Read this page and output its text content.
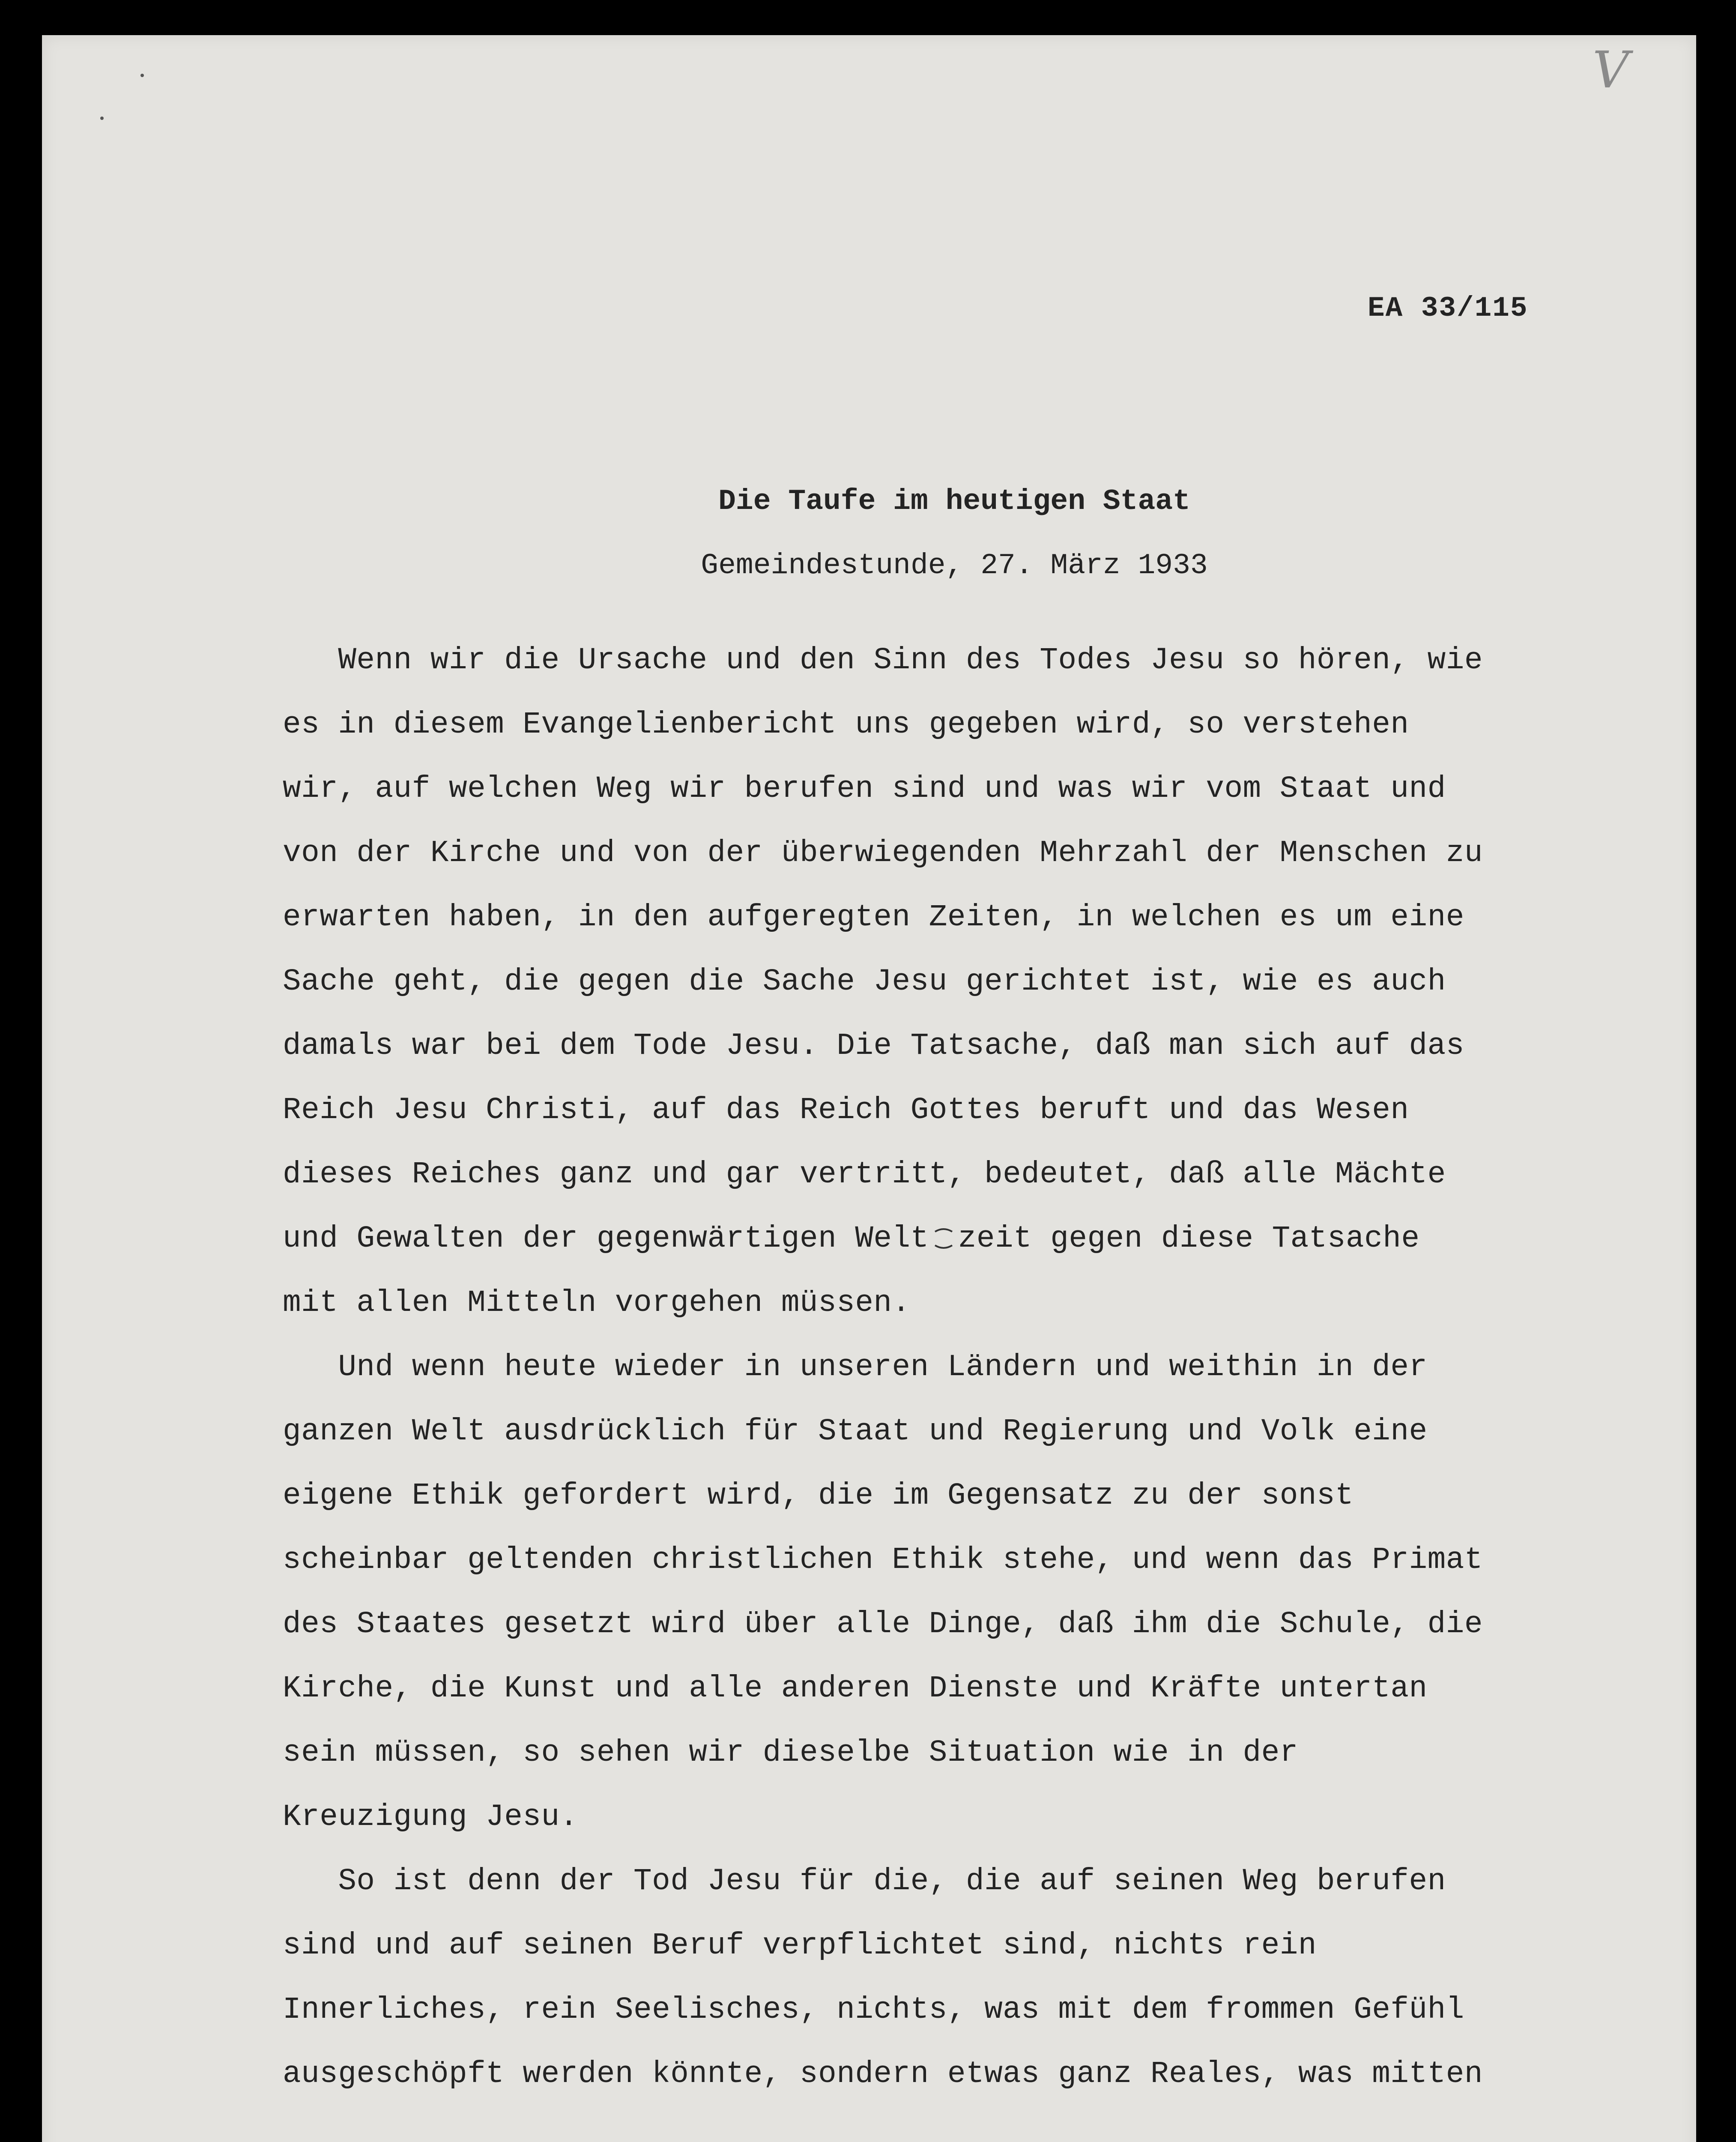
V
EA 33/115
Die Taufe im heutigen Staat
Gemeindestunde, 27. März 1933
Wenn wir die Ursache und den Sinn des Todes Jesu so hören, wie
es in diesem Evangelienbericht uns gegeben wird, so verstehen
wir, auf welchen Weg wir berufen sind und was wir vom Staat und
von der Kirche und von der überwiegenden Mehrzahl der Menschen zu
erwarten haben, in den aufgeregten Zeiten, in welchen es um eine
Sache geht, die gegen die Sache Jesu gerichtet ist, wie es auch
damals war bei dem Tode Jesu. Die Tatsache, daß man sich auf das
Reich Jesu Christi, auf das Reich Gottes beruft und das Wesen
dieses Reiches ganz und gar vertritt, bedeutet, daß alle Mächte
und Gewalten der gegenwärtigen Welt zeit gegen diese Tatsache
mit allen Mitteln vorgehen müssen.
Und wenn heute wieder in unseren Ländern und weithin in der
ganzen Welt ausdrücklich für Staat und Regierung und Volk eine
eigene Ethik gefordert wird, die im Gegensatz zu der sonst
scheinbar geltenden christlichen Ethik stehe, und wenn das Primat
des Staates gesetzt wird über alle Dinge, daß ihm die Schule, die
Kirche, die Kunst und alle anderen Dienste und Kräfte untertan
sein müssen, so sehen wir dieselbe Situation wie in der
Kreuzigung Jesu.
So ist denn der Tod Jesu für die, die auf seinen Weg berufen
sind und auf seinen Beruf verpflichtet sind, nichts rein
Innerliches, rein Seelisches, nichts, was mit dem frommen Gefühl
ausgeschöpft werden könnte, sondern etwas ganz Reales, was mitten
